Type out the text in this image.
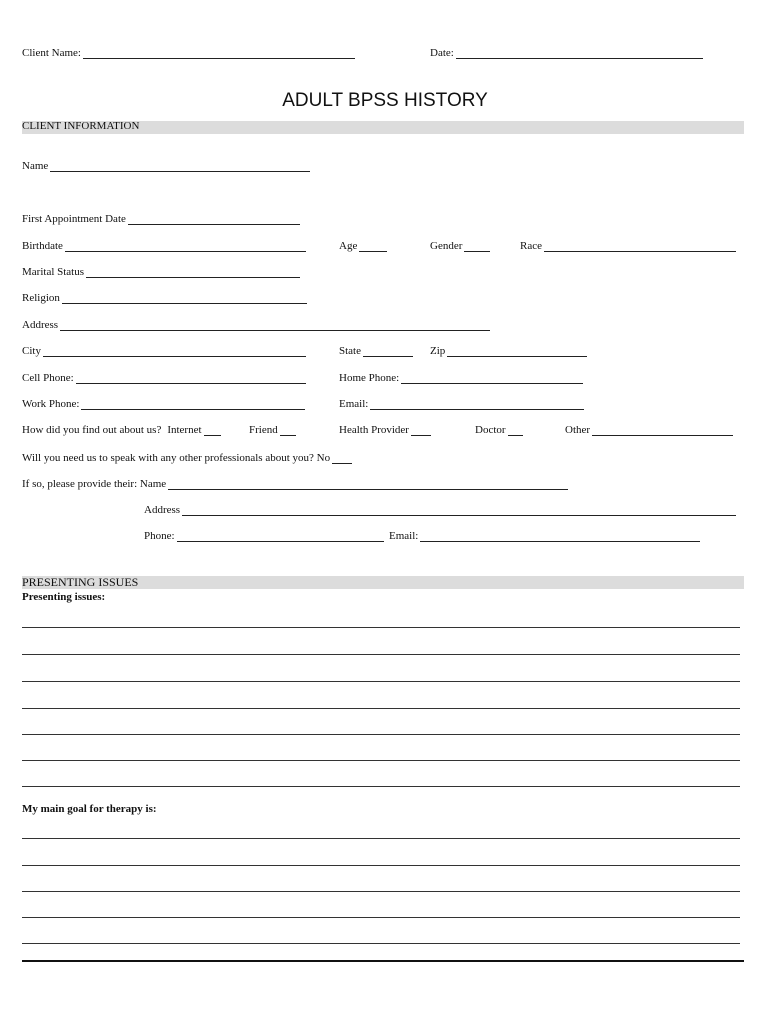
Client Name:	Date:
ADULT BPSS HISTORY
CLIENT INFORMATION
Name
First Appointment Date
Birthdate	Age	Gender	Race
Marital Status
Religion
Address
City	State	Zip
Cell Phone:	Home Phone:
Work Phone:	Email:
How did you find out about us? Internet	Friend	Health Provider	Doctor	Other
Will you need us to speak with any other professionals about you? No
If so, please provide their: Name
Address
Phone:	Email:
PRESENTING ISSUES
Presenting issues:
My main goal for therapy is:
